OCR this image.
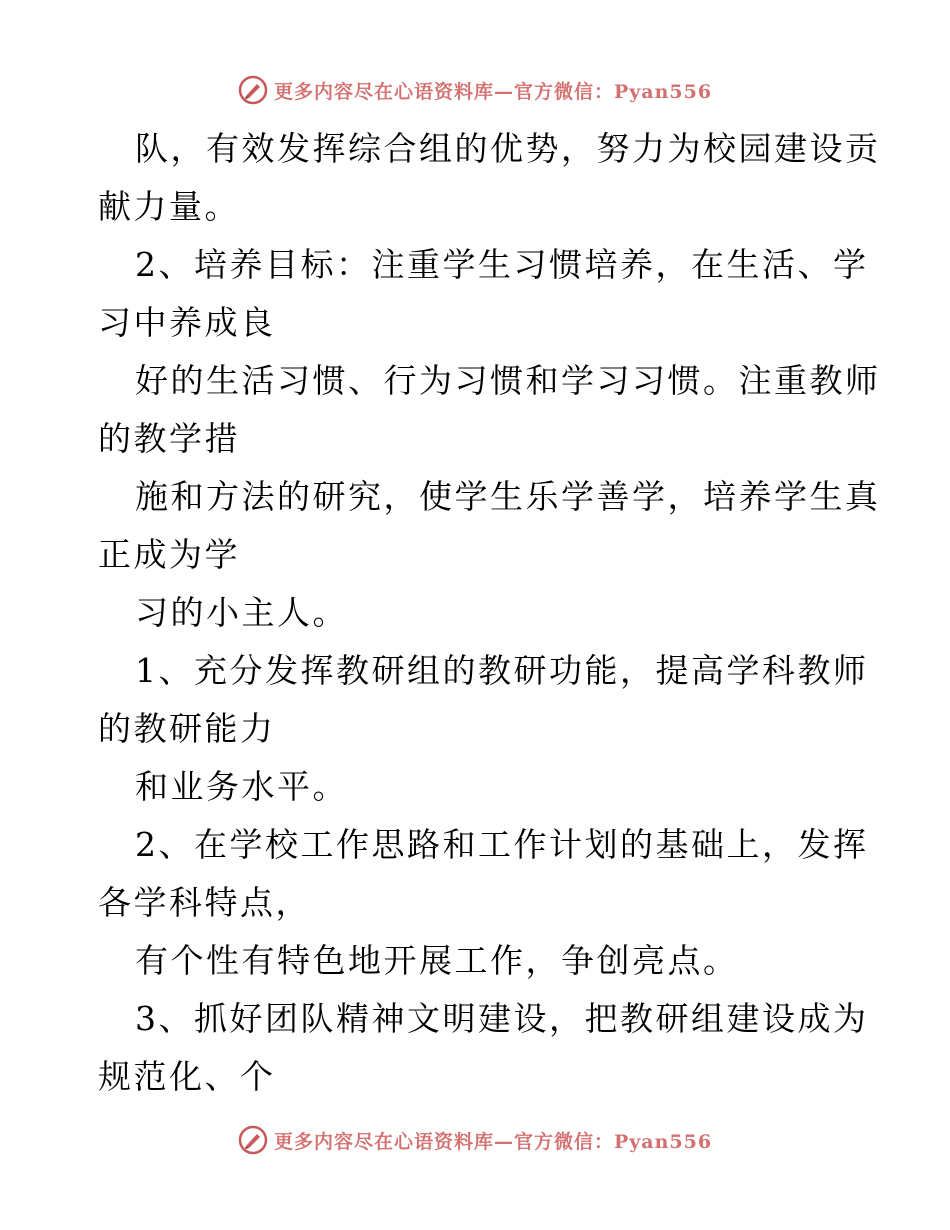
更多内容尽在心语资料库—官方微信：Pyan556
队，有效发挥综合组的优势，努力为校园建设贡
献力量。
2、培养目标：注重学生习惯培养，在生活、学
习中养成良
好的生活习惯、行为习惯和学习习惯。注重教师
的教学措
施和方法的研究，使学生乐学善学，培养学生真
正成为学
习的小主人。
1、充分发挥教研组的教研功能，提高学科教师
的教研能力
和业务水平。
2、在学校工作思路和工作计划的基础上，发挥
各学科特点，
有个性有特色地开展工作，争创亮点。
3、抓好团队精神文明建设，把教研组建设成为
规范化、个
更多内容尽在心语资料库—官方微信：Pyan556
